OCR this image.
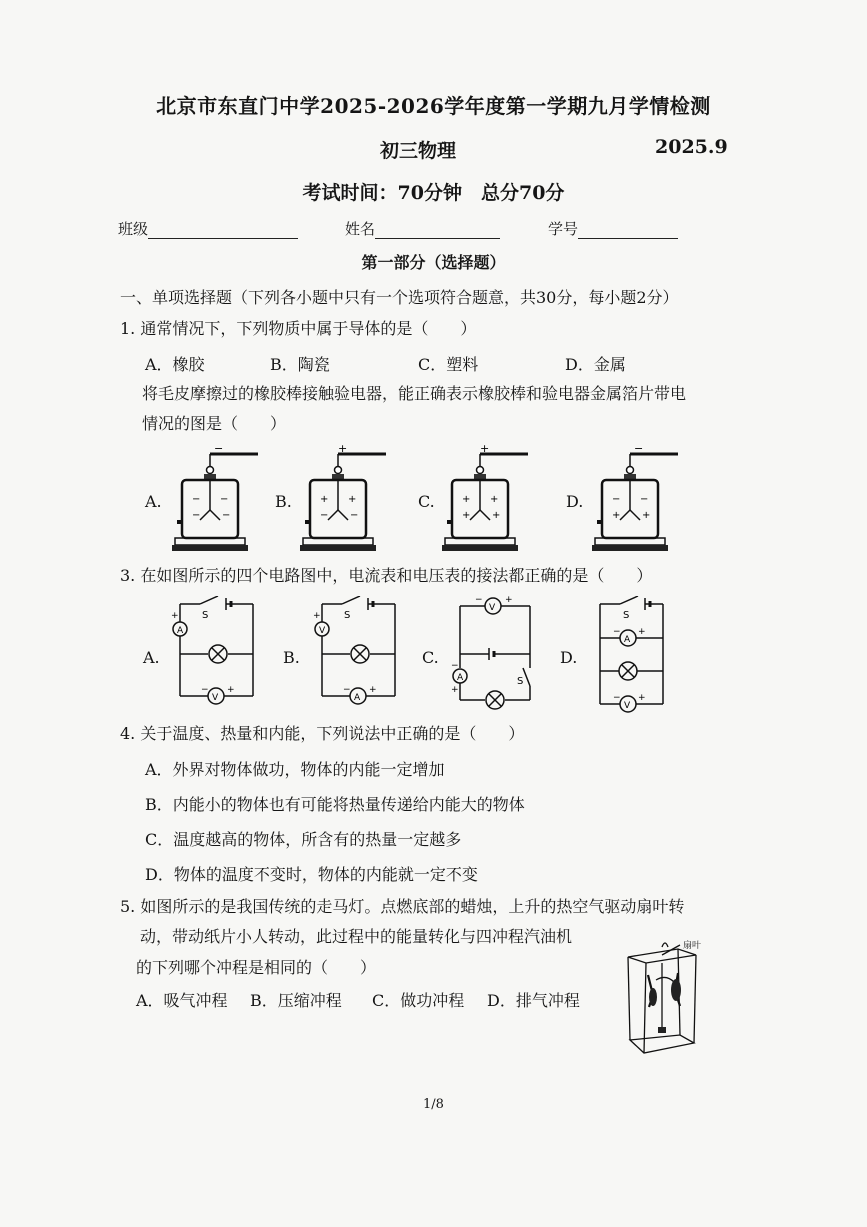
北京市东直门中学2025-2026学年度第一学期九月学情检测
初三物理	2025.9
考试时间：70分钟　总分70分
班级	姓名	学号
第一部分（选择题）
一、单项选择题（下列各小题中只有一个选项符合题意，共30分，每小题2分）
1. 通常情况下，下列物质中属于导体的是（　　）
A．橡胶	B．陶瓷	C．塑料	D．金属
将毛皮摩擦过的橡胶棒接触验电器，能正确表示橡胶棒和验电器金属箔片带电
情况的图是（　　）
A.	B.	C.	D.
−
− −
− −
+
+ +
− −
+
+ +
+ +
−
− −
+ +
3. 在如图所示的四个电路图中，电流表和电压表的接法都正确的是（　　）
A.	B.	C.	D.
A
V
S
+
− +
V
A
S
+
− +
V
A	S
− +
−
+
A
V
S
− +
− +
4. 关于温度、热量和内能，下列说法中正确的是（　　）
A．外界对物体做功，物体的内能一定增加
B．内能小的物体也有可能将热量传递给内能大的物体
C．温度越高的物体，所含有的热量一定越多
D．物体的温度不变时，物体的内能就一定不变
5. 如图所示的是我国传统的走马灯。点燃底部的蜡烛，上升的热空气驱动扇叶转
动，带动纸片小人转动，此过程中的能量转化与四冲程汽油机
的下列哪个冲程是相同的（　　）
A．吸气冲程 B．压缩冲程 C．做功冲程 D．排气冲程
扇叶
1/8
